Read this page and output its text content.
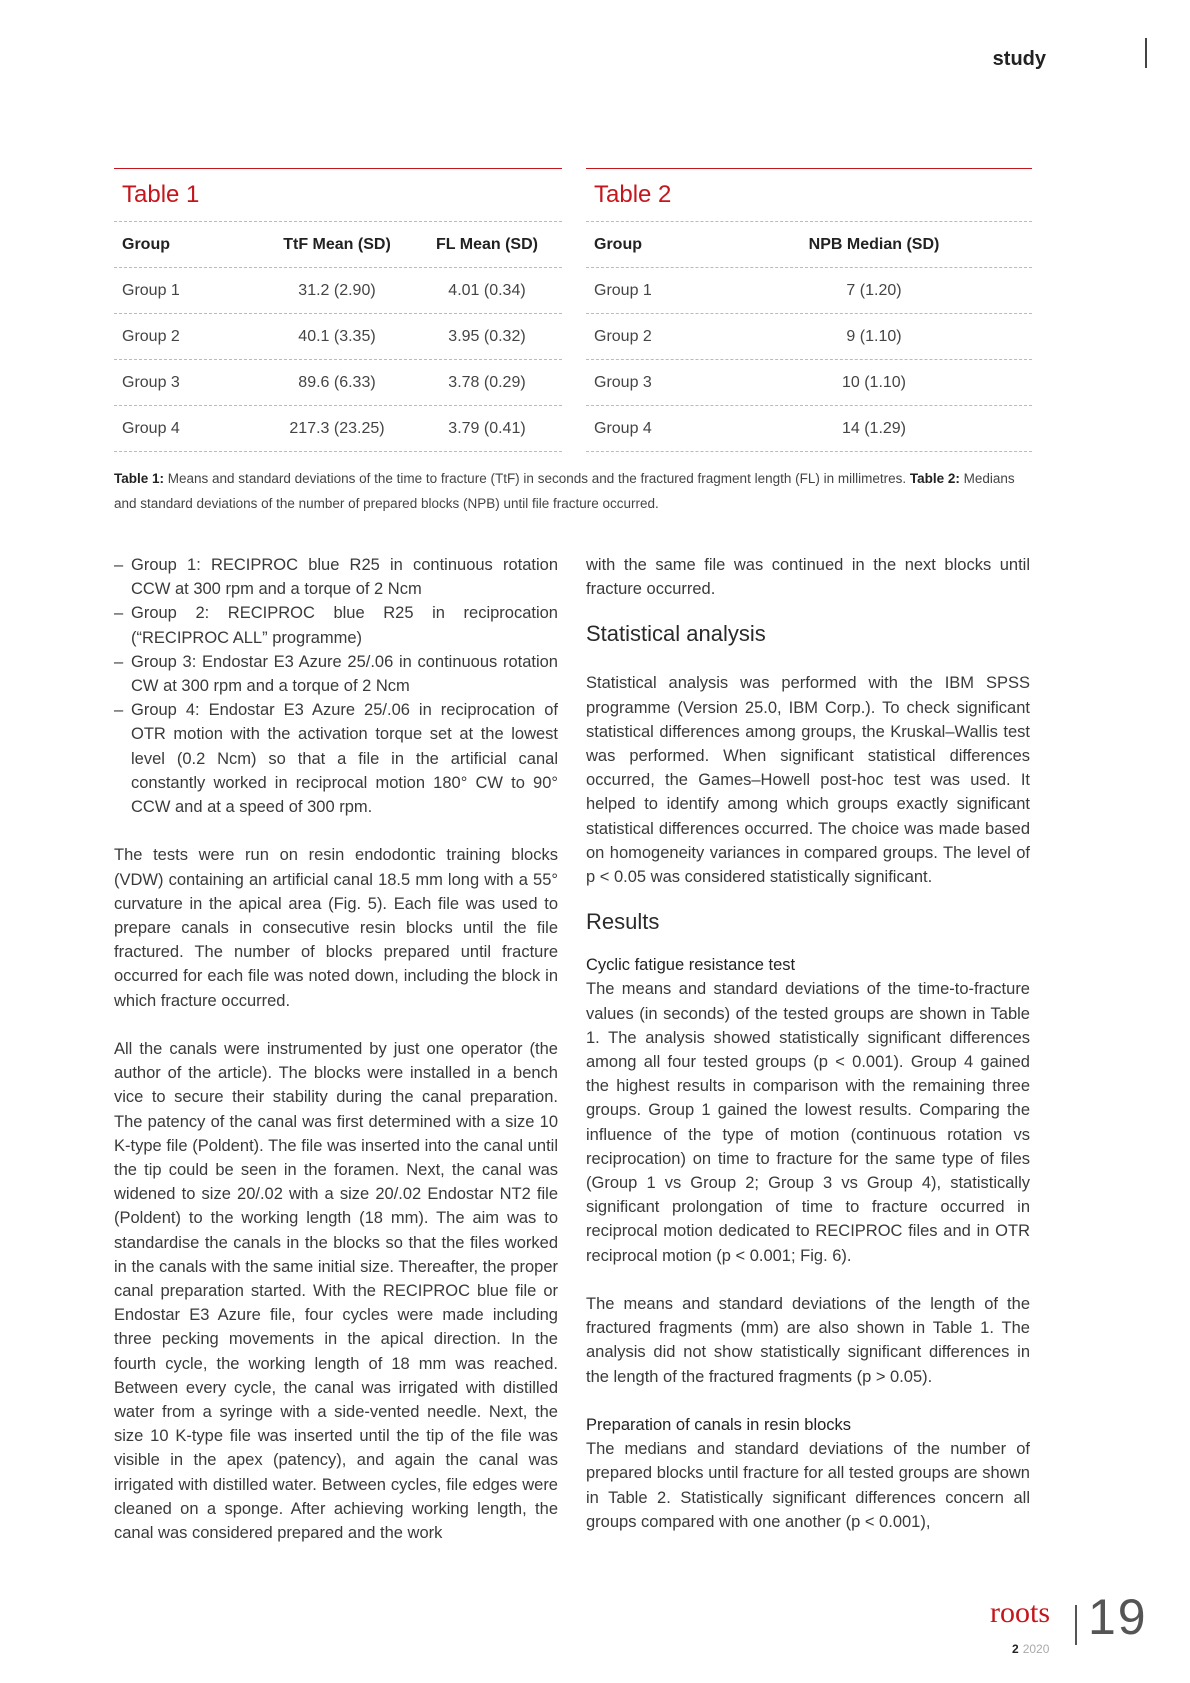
study
Table 1
Group	TtF Mean (SD)	FL Mean (SD)
Group 1	31.2 (2.90)	4.01 (0.34)
Group 2	40.1 (3.35)	3.95 (0.32)
Group 3	89.6 (6.33)	3.78 (0.29)
Group 4	217.3 (23.25)	3.79 (0.41)
Table 2
Group	NPB Median (SD)
Group 1	7 (1.20)
Group 2	9 (1.10)
Group 3	10 (1.10)
Group 4	14 (1.29)
Table 1: Means and standard deviations of the time to fracture (TtF) in seconds and the fractured fragment length (FL) in millimetres. Table 2: Medians and standard deviations of the number of prepared blocks (NPB) until file fracture occurred.
– Group 1: RECIPROC blue R25 in continuous rotation CCW at 300 rpm and a torque of 2 Ncm
– Group 2: RECIPROC blue R25 in reciprocation (“RECIPROC ALL” programme)
– Group 3: Endostar E3 Azure 25/.06 in continuous rotation CW at 300 rpm and a torque of 2 Ncm
– Group 4: Endostar E3 Azure 25/.06 in reciprocation of OTR motion with the activation torque set at the lowest level (0.2 Ncm) so that a file in the artificial canal constantly worked in reciprocal motion 180° CW to 90° CCW and at a speed of 300 rpm.

The tests were run on resin endodontic training blocks (VDW) containing an artificial canal 18.5 mm long with a 55° curvature in the apical area (Fig. 5). Each file was used to prepare canals in consecutive resin blocks until the file fractured. The number of blocks prepared until fracture occurred for each file was noted down, including the block in which fracture occurred.

All the canals were instrumented by just one operator (the author of the article). The blocks were installed in a bench vice to secure their stability during the canal preparation. The patency of the canal was first determined with a size 10 K-type file (Poldent). The file was inserted into the canal until the tip could be seen in the foramen. Next, the canal was widened to size 20/.02 with a size 20/.02 Endostar NT2 file (Poldent) to the working length (18 mm). The aim was to standardise the canals in the blocks so that the files worked in the canals with the same initial size. Thereafter, the proper canal preparation started. With the RECIPROC blue file or Endostar E3 Azure file, four cycles were made including three pecking movements in the apical direction. In the fourth cycle, the working length of 18 mm was reached. Between every cycle, the canal was irrigated with distilled water from a syringe with a side-vented needle. Next, the size 10 K-type file was inserted until the tip of the file was visible in the apex (patency), and again the canal was irrigated with distilled water. Between cycles, file edges were cleaned on a sponge. After achieving working length, the canal was considered prepared and the work

with the same file was continued in the next blocks until fracture occurred.

Statistical analysis

Statistical analysis was performed with the IBM SPSS programme (Version 25.0, IBM Corp.). To check significant statistical differences among groups, the Kruskal–Wallis test was performed. When significant statistical differences occurred, the Games–Howell post-hoc test was used. It helped to identify among which groups exactly significant statistical differences occurred. The choice was made based on homogeneity variances in compared groups. The level of p < 0.05 was considered statistically significant.

Results
Cyclic fatigue resistance test

The means and standard deviations of the time-to-fracture values (in seconds) of the tested groups are shown in Table 1. The analysis showed statistically significant differences among all four tested groups (p < 0.001). Group 4 gained the highest results in comparison with the remaining three groups. Group 1 gained the lowest results. Comparing the influence of the type of motion (continuous rotation vs reciprocation) on time to fracture for the same type of files (Group 1 vs Group 2; Group 3 vs Group 4), statistically significant prolongation of time to fracture occurred in reciprocal motion dedicated to RECIPROC files and in OTR reciprocal motion (p < 0.001; Fig. 6).

The means and standard deviations of the length of the fractured fragments (mm) are also shown in Table 1. The analysis did not show statistically significant differences in the length of the fractured fragments (p > 0.05).

Preparation of canals in resin blocks

The medians and standard deviations of the number of prepared blocks until fracture for all tested groups are shown in Table 2. Statistically significant differences concern all groups compared with one another (p < 0.001),

roots
2 2020
19
